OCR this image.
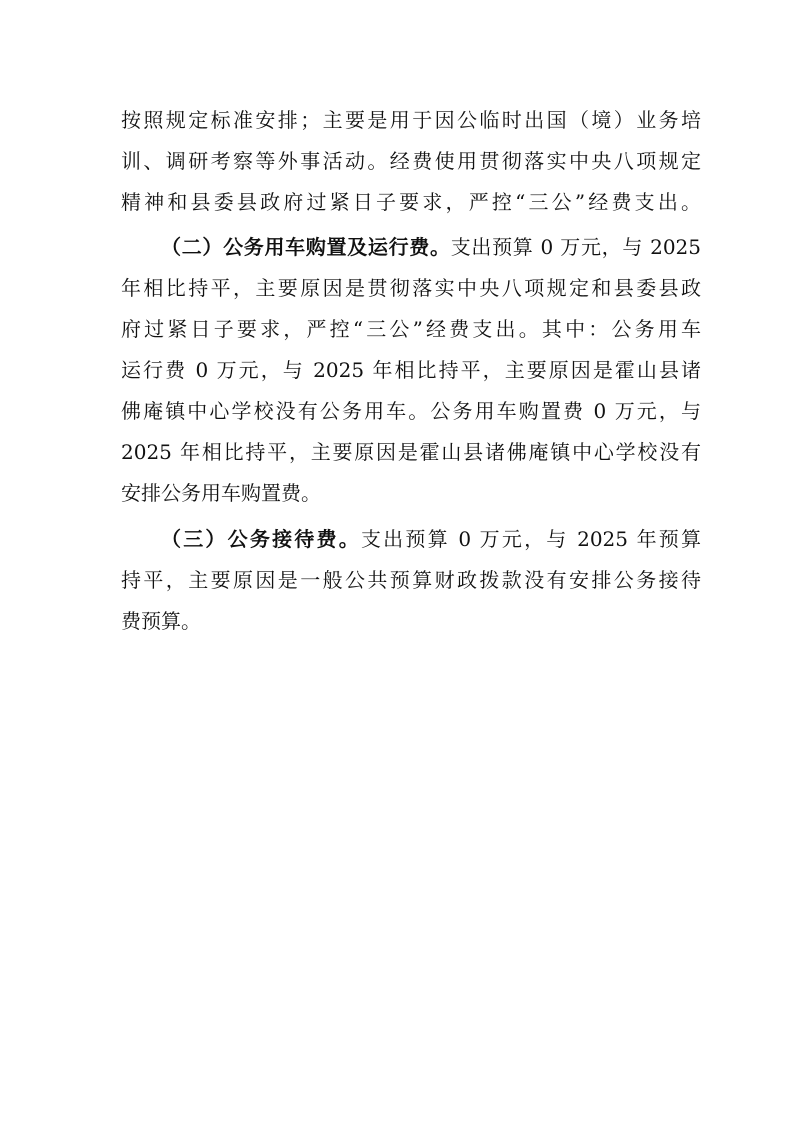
按照规定标准安排；主要是用于因公临时出国（境）业务培
训、调研考察等外事活动。经费使用贯彻落实中央八项规定
精神和县委县政府过紧日子要求，严控“三公”经费支出。
（二）公务用车购置及运行费。支出预算 0 万元，与 2025
年相比持平，主要原因是贯彻落实中央八项规定和县委县政
府过紧日子要求，严控“三公”经费支出。其中：公务用车
运行费 0 万元，与 2025 年相比持平，主要原因是霍山县诸
佛庵镇中心学校没有公务用车。公务用车购置费 0 万元，与
2025 年相比持平，主要原因是霍山县诸佛庵镇中心学校没有
安排公务用车购置费。
（三）公务接待费。支出预算 0 万元，与 2025 年预算
持平，主要原因是一般公共预算财政拨款没有安排公务接待
费预算。
